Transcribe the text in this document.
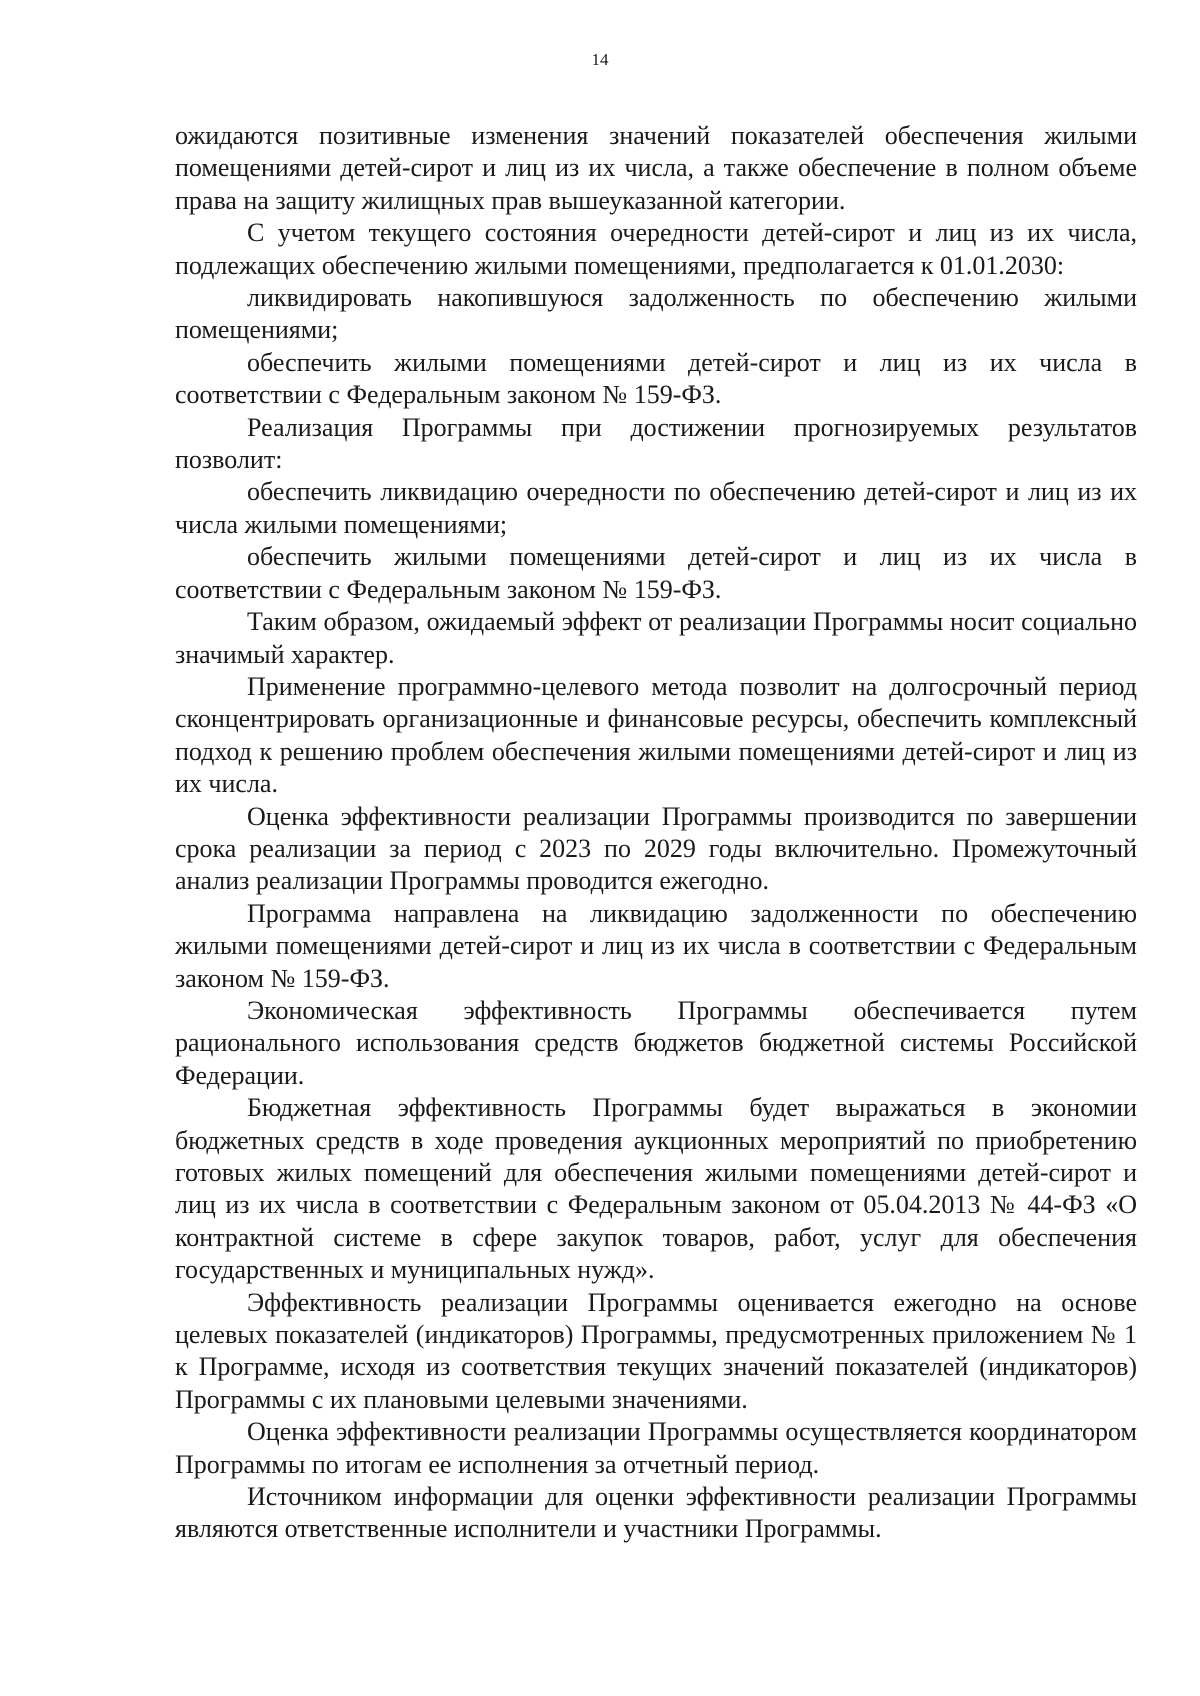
14

ожидаются позитивные изменения значений показателей обеспечения жилыми помещениями детей-сирот и лиц из их числа, а также обеспечение в полном объеме права на защиту жилищных прав вышеуказанной категории.

С учетом текущего состояния очередности детей-сирот и лиц из их числа, подлежащих обеспечению жилыми помещениями, предполагается к 01.01.2030:

ликвидировать накопившуюся задолженность по обеспечению жилыми помещениями;

обеспечить жилыми помещениями детей-сирот и лиц из их числа в соответствии с Федеральным законом № 159-ФЗ.

Реализация Программы при достижении прогнозируемых результатов позволит:

обеспечить ликвидацию очередности по обеспечению детей-сирот и лиц из их числа жилыми помещениями;

обеспечить жилыми помещениями детей-сирот и лиц из их числа в соответствии с Федеральным законом № 159-ФЗ.

Таким образом, ожидаемый эффект от реализации Программы носит социально значимый характер.

Применение программно-целевого метода позволит на долгосрочный период сконцентрировать организационные и финансовые ресурсы, обеспечить комплексный подход к решению проблем обеспечения жилыми помещениями детей-сирот и лиц из их числа.

Оценка эффективности реализации Программы производится по завершении срока реализации за период с 2023 по 2029 годы включительно. Промежуточный анализ реализации Программы проводится ежегодно.

Программа направлена на ликвидацию задолженности по обеспечению жилыми помещениями детей-сирот и лиц из их числа в соответствии с Федеральным законом № 159-ФЗ.

Экономическая эффективность Программы обеспечивается путем рационального использования средств бюджетов бюджетной системы Российской Федерации.

Бюджетная эффективность Программы будет выражаться в экономии бюджетных средств в ходе проведения аукционных мероприятий по приобретению готовых жилых помещений для обеспечения жилыми помещениями детей-сирот и лиц из их числа в соответствии с Федеральным законом от 05.04.2013 № 44-ФЗ «О контрактной системе в сфере закупок товаров, работ, услуг для обеспечения государственных и муниципальных нужд».

Эффективность реализации Программы оценивается ежегодно на основе целевых показателей (индикаторов) Программы, предусмотренных приложением № 1 к Программе, исходя из соответствия текущих значений показателей (индикаторов) Программы с их плановыми целевыми значениями.

Оценка эффективности реализации Программы осуществляется координатором Программы по итогам ее исполнения за отчетный период.

Источником информации для оценки эффективности реализации Программы являются ответственные исполнители и участники Программы.
